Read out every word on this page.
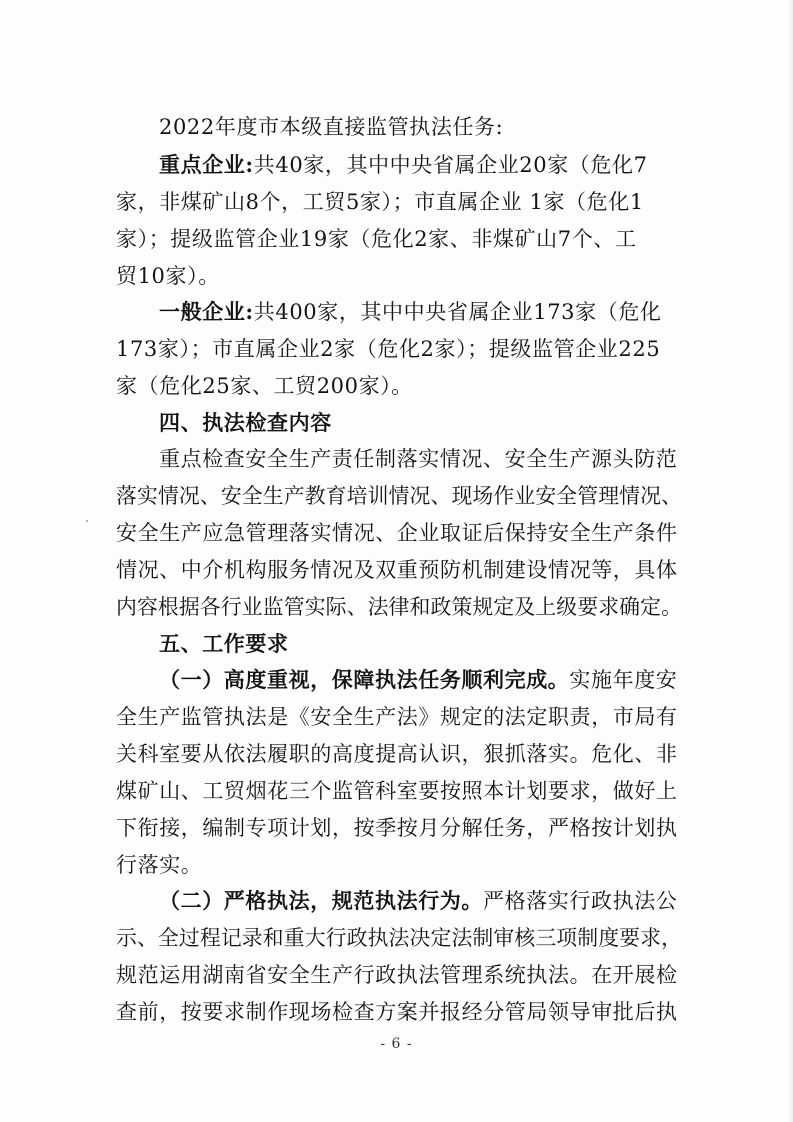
2022年度市本级直接监管执法任务:
重点企业:共40家，其中中央省属企业20家（危化7
家，非煤矿山8个，工贸5家）；市直属企业 1家（危化1
家）；提级监管企业19家（危化2家、非煤矿山7个、工
贸10家）。
一般企业:共400家，其中中央省属企业173家（危化
173家）；市直属企业2家（危化2家）；提级监管企业225
家（危化25家、工贸200家）。
四、执法检查内容
重点检查安全生产责任制落实情况、安全生产源头防范
落实情况、安全生产教育培训情况、现场作业安全管理情况、
安全生产应急管理落实情况、企业取证后保持安全生产条件
情况、中介机构服务情况及双重预防机制建设情况等，具体
内容根据各行业监管实际、法律和政策规定及上级要求确定。
五、工作要求
（一）高度重视，保障执法任务顺利完成。实施年度安
全生产监管执法是《安全生产法》规定的法定职责，市局有
关科室要从依法履职的高度提高认识，狠抓落实。危化、非
煤矿山、工贸烟花三个监管科室要按照本计划要求，做好上
下衔接，编制专项计划，按季按月分解任务，严格按计划执
行落实。
（二）严格执法，规范执法行为。严格落实行政执法公
示、全过程记录和重大行政执法决定法制审核三项制度要求，
规范运用湖南省安全生产行政执法管理系统执法。在开展检
查前，按要求制作现场检查方案并报经分管局领导审批后执
- 6 -
